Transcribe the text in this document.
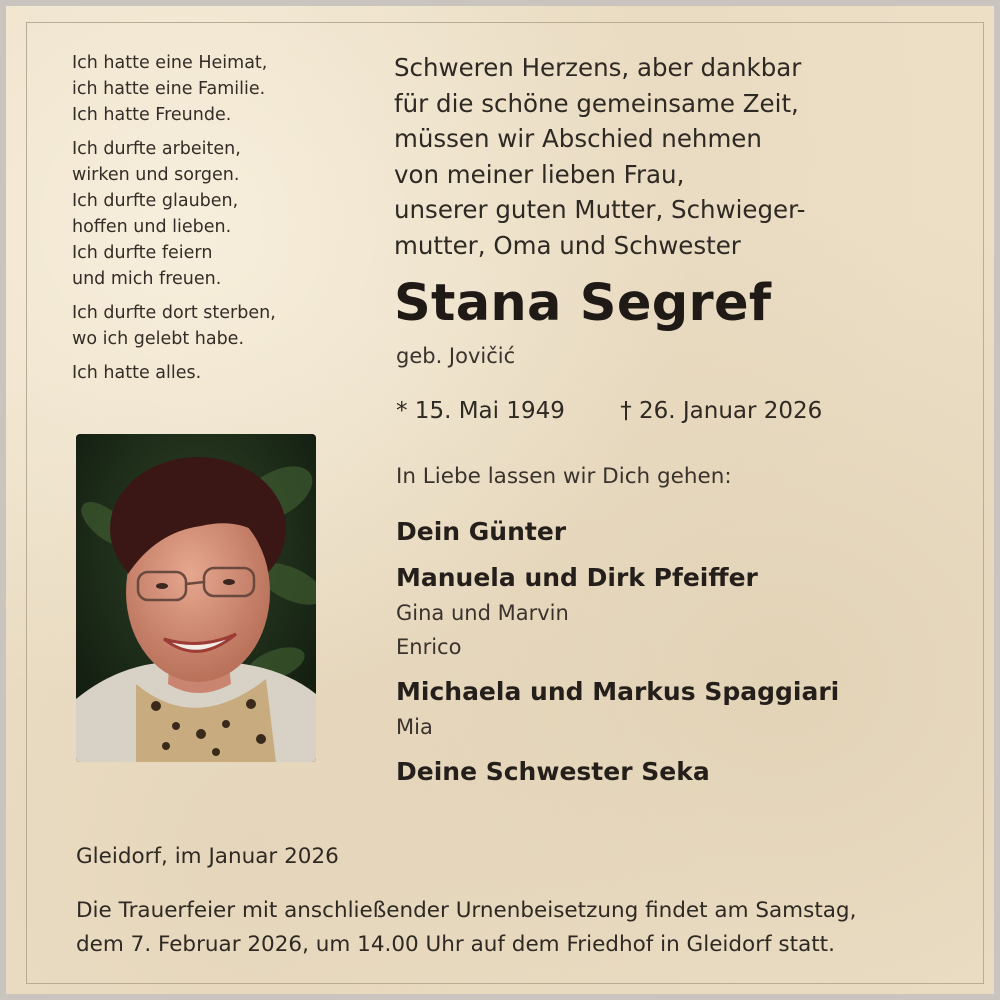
Ich hatte eine Heimat,
ich hatte eine Familie.
Ich hatte Freunde.

Ich durfte arbeiten,
wirken und sorgen.
Ich durfte glauben,
hoffen und lieben.
Ich durfte feiern
und mich freuen.

Ich durfte dort sterben,
wo ich gelebt habe.

Ich hatte alles.

Schweren Herzens, aber dankbar
für die schöne gemeinsame Zeit,
müssen wir Abschied nehmen
von meiner lieben Frau,
unserer guten Mutter, Schwieger-
mutter, Oma und Schwester
Stana Segref
geb. Jovičić
* 15. Mai 1949 † 26. Januar 2026
In Liebe lassen wir Dich gehen:
Dein Günter
Manuela und Dirk Pfeiffer
Gina und Marvin
Enrico
Michaela und Markus Spaggiari
Mia
Deine Schwester Seka
Gleidorf, im Januar 2026
Die Trauerfeier mit anschließender Urnenbeisetzung findet am Samstag,
dem 7. Februar 2026, um 14.00 Uhr auf dem Friedhof in Gleidorf statt.
